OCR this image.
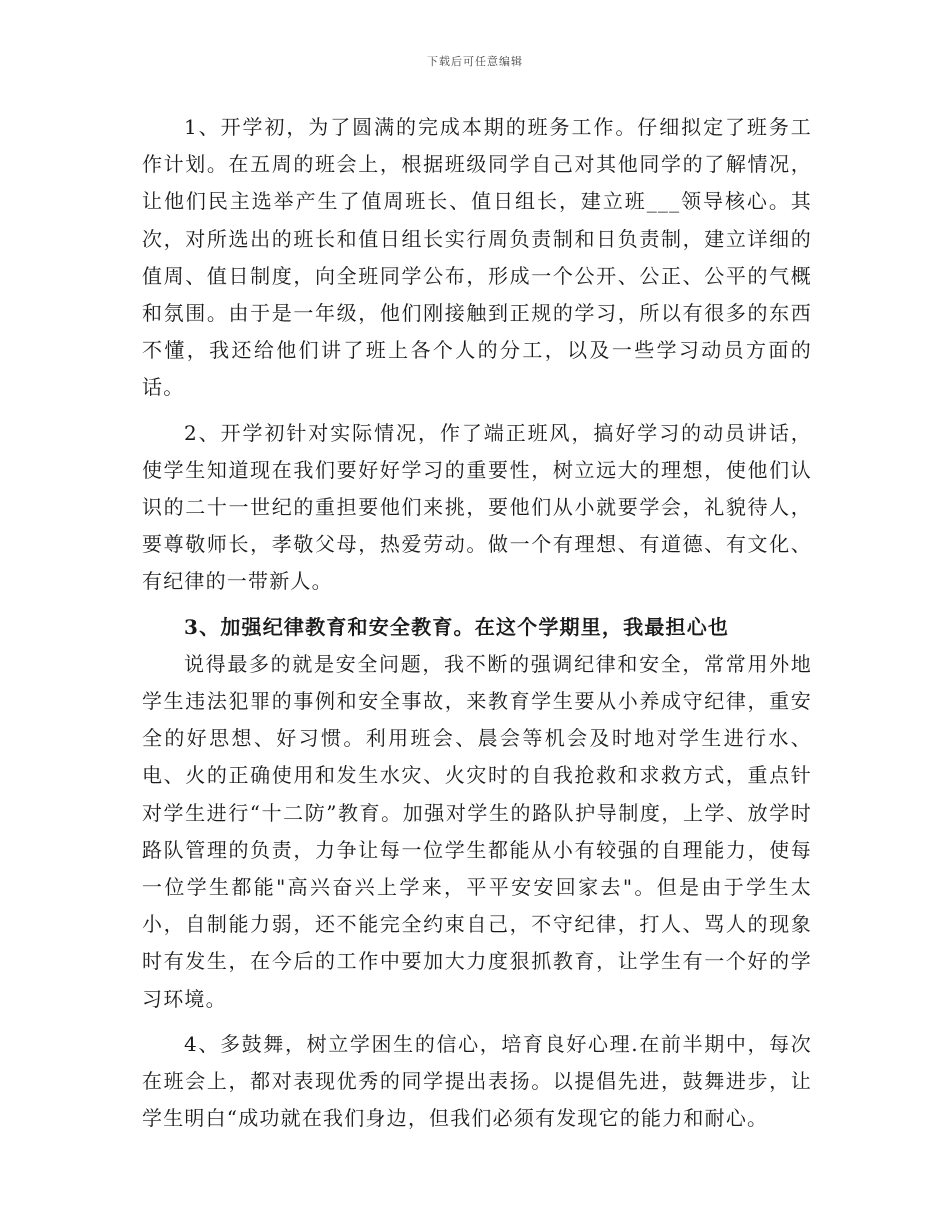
下载后可任意编辑

1、开学初，为了圆满的完成本期的班务工作。仔细拟定了班务工作计划。在五周的班会上，根据班级同学自己对其他同学的了解情况，让他们民主选举产生了值周班长、值日组长，建立班___领导核心。其次，对所选出的班长和值日组长实行周负责制和日负责制，建立详细的值周、值日制度，向全班同学公布，形成一个公开、公正、公平的气概和氛围。由于是一年级，他们刚接触到正规的学习，所以有很多的东西不懂，我还给他们讲了班上各个人的分工，以及一些学习动员方面的话。

2、开学初针对实际情况，作了端正班风，搞好学习的动员讲话，使学生知道现在我们要好好学习的重要性，树立远大的理想，使他们认识的二十一世纪的重担要他们来挑，要他们从小就要学会，礼貌待人，要尊敬师长，孝敬父母，热爱劳动。做一个有理想、有道德、有文化、有纪律的一带新人。

3、加强纪律教育和安全教育。在这个学期里，我最担心也

说得最多的就是安全问题，我不断的强调纪律和安全，常常用外地学生违法犯罪的事例和安全事故，来教育学生要从小养成守纪律，重安全的好思想、好习惯。利用班会、晨会等机会及时地对学生进行水、电、火的正确使用和发生水灾、火灾时的自我抢救和求救方式，重点针对学生进行“十二防”教育。加强对学生的路队护导制度，上学、放学时路队管理的负责，力争让每一位学生都能从小有较强的自理能力，使每一位学生都能"高兴奋兴上学来，平平安安回家去"。但是由于学生太小，自制能力弱，还不能完全约束自己，不守纪律，打人、骂人的现象时有发生，在今后的工作中要加大力度狠抓教育，让学生有一个好的学习环境。

4、多鼓舞，树立学困生的信心，培育良好心理.在前半期中，每次在班会上，都对表现优秀的同学提出表扬。以提倡先进，鼓舞进步，让学生明白“成功就在我们身边，但我们必须有发现它的能力和耐心。
